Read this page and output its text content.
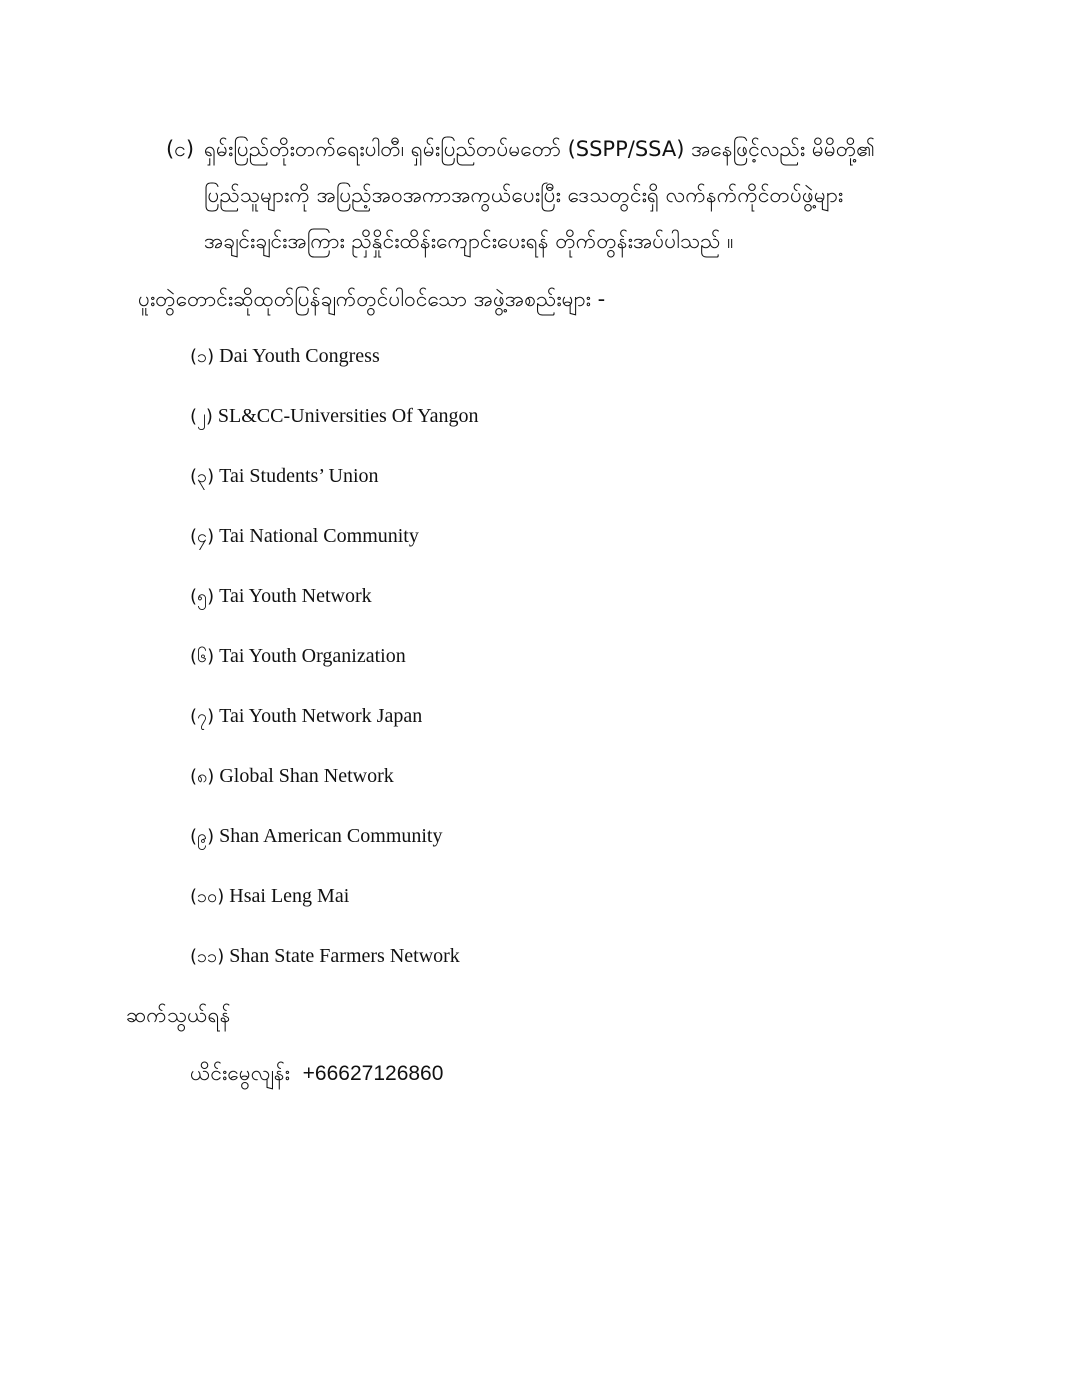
(င) ရှမ်းပြည်တိုးတက်ရေးပါတီ၊ ရှမ်းပြည်တပ်မတော် (SSPP/SSA) အနေဖြင့်လည်း မိမိတို့၏
ပြည်သူများကို အပြည့်အဝအကာအကွယ်ပေးပြီး ဒေသတွင်းရှိ လက်နက်ကိုင်တပ်ဖွဲ့များ
အချင်းချင်းအကြား ညှိနှိုင်းထိန်းကျောင်းပေးရန် တိုက်တွန်းအပ်ပါသည် ။
ပူးတွဲတောင်းဆိုထုတ်ပြန်ချက်တွင်ပါဝင်သော အဖွဲ့အစည်းများ -
(၁) Dai Youth Congress
(၂) SL&CC-Universities Of Yangon
(၃) Tai Students’ Union
(၄) Tai National Community
(၅) Tai Youth Network
(၆) Tai Youth Organization
(၇) Tai Youth Network Japan
(၈) Global Shan Network
(၉) Shan American Community
(၁၀) Hsai Leng Mai
(၁၁) Shan State Farmers Network
ဆက်သွယ်ရန်
ယိင်းမွေလျန်း +66627126860
